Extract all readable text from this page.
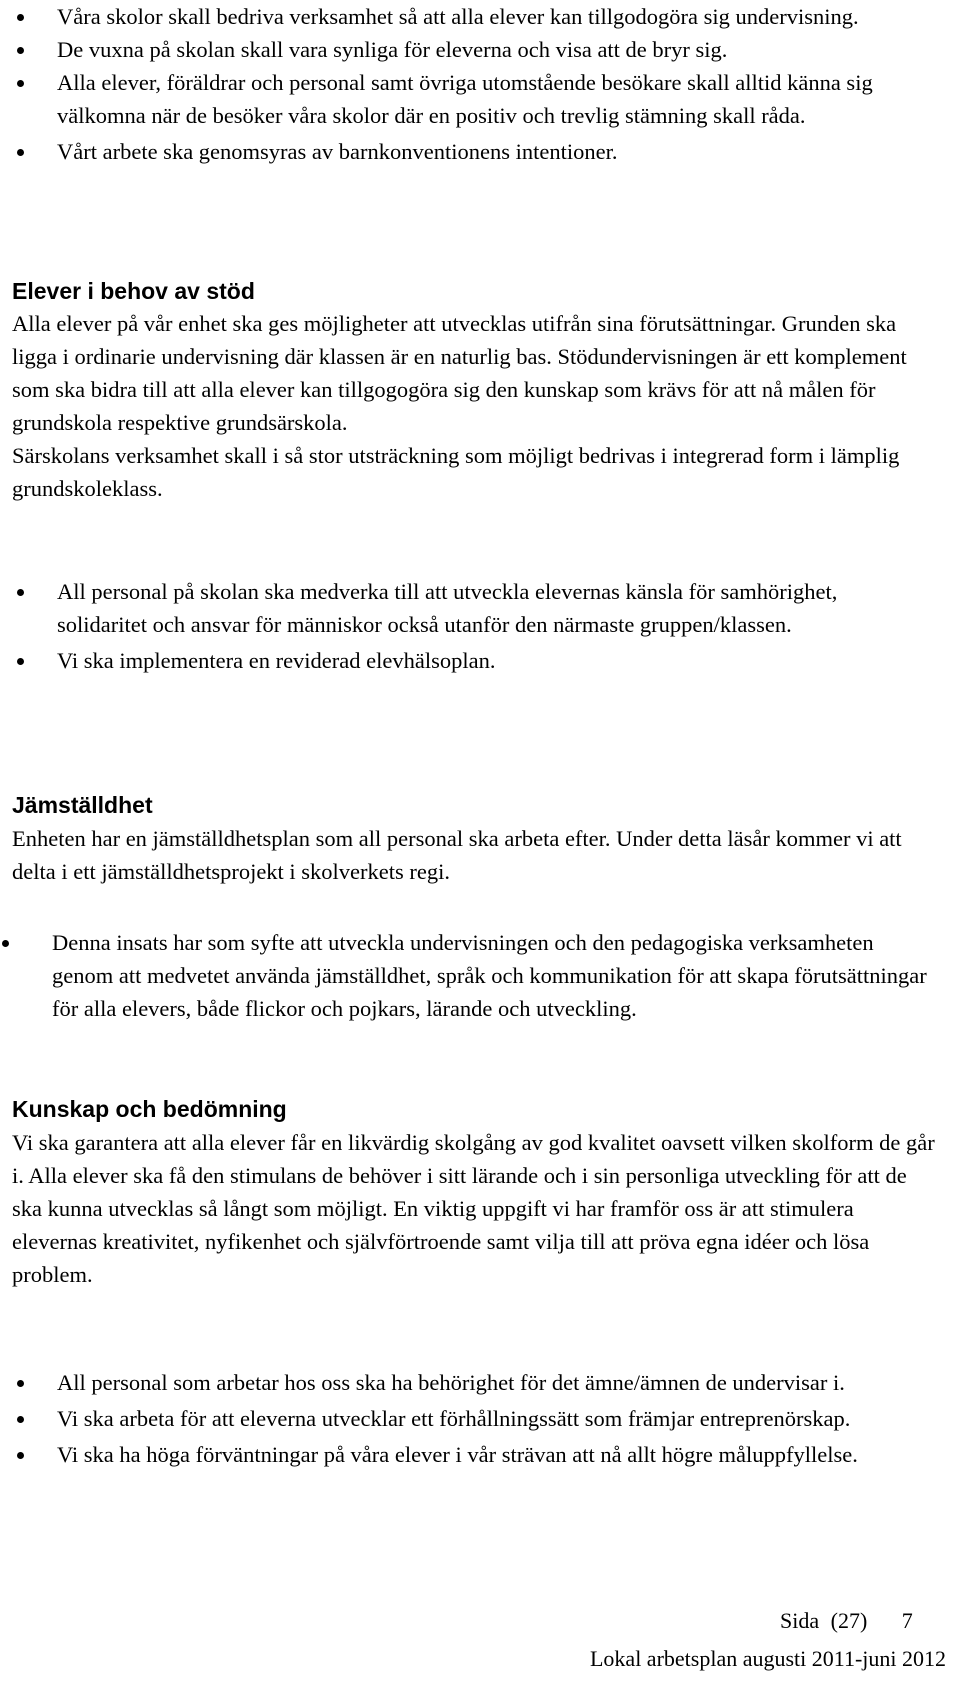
Våra skolor skall bedriva verksamhet så att alla elever kan tillgodogöra sig undervisning.
De vuxna på skolan skall vara synliga för eleverna och visa att de bryr sig.
Alla elever, föräldrar och personal samt övriga utomstående besökare skall alltid känna sig välkomna när de besöker våra skolor där en positiv och trevlig stämning skall råda.
Vårt arbete ska genomsyras av barnkonventionens intentioner.
Elever i behov av stöd

Alla elever på vår enhet ska ges möjligheter att utvecklas utifrån sina förutsättningar. Grunden ska ligga i ordinarie undervisning där klassen är en naturlig bas. Stödundervisningen är ett komplement som ska bidra till att alla elever kan tillgogogöra sig den kunskap som krävs för att nå målen för grundskola respektive grundsärskola.

Särskolans verksamhet skall i så stor utsträckning som möjligt bedrivas i integrerad form i lämplig grundskoleklass.

All personal på skolan ska medverka till att utveckla elevernas känsla för samhörighet, solidaritet och ansvar för människor också utanför den närmaste gruppen/klassen.
Vi ska implementera en reviderad elevhälsoplan.
Jämställdhet

Enheten har en jämställdhetsplan som all personal ska arbeta efter. Under detta läsår kommer vi att delta i ett jämställdhetsprojekt i skolverkets regi.

Denna insats har som syfte att utveckla undervisningen och den pedagogiska verksamheten genom att medvetet använda jämställdhet, språk och kommunikation för att skapa förutsättningar för alla elevers, både flickor och pojkars, lärande och utveckling.
Kunskap och bedömning

Vi ska garantera att alla elever får en likvärdig skolgång av god kvalitet oavsett vilken skolform de går i. Alla elever ska få den stimulans de behöver i sitt lärande och i sin personliga utveckling för att de ska kunna utvecklas så långt som möjligt. En viktig uppgift vi har framför oss är att stimulera elevernas kreativitet, nyfikenhet och självförtroende samt vilja till att pröva egna idéer och lösa problem.

All personal som arbetar hos oss ska ha behörighet för det ämne/ämnen de undervisar i.
Vi ska arbeta för att eleverna utvecklar ett förhållningssätt som främjar entreprenörskap.
Vi ska ha höga förväntningar på våra elever i vår strävan att nå allt högre måluppfyllelse.
Sida (27) 7
Lokal arbetsplan augusti 2011-juni 2012
